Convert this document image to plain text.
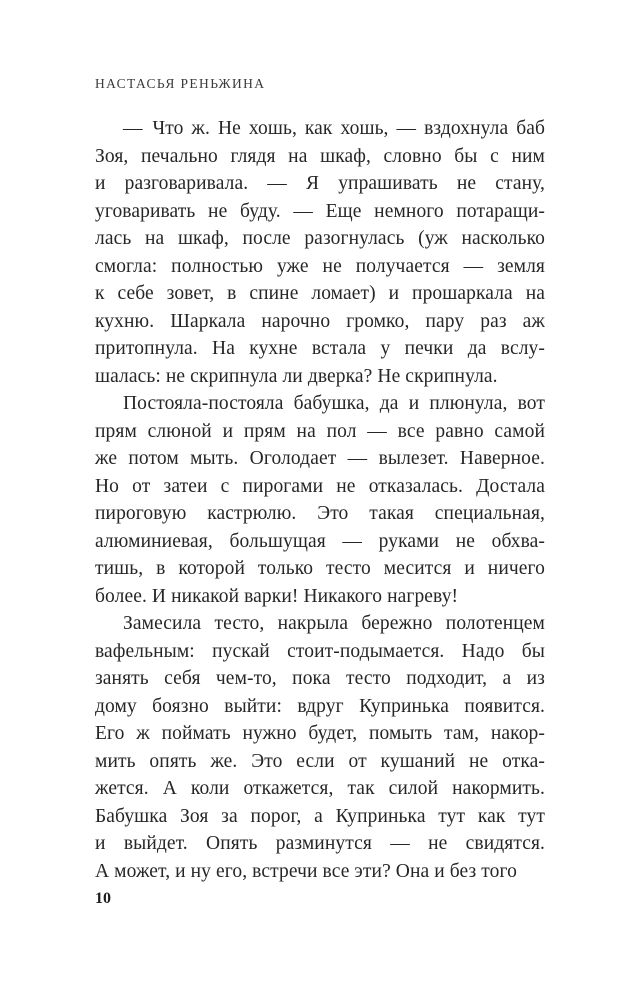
НАСТАСЬЯ РЕНЬЖИНА
— Что ж. Не хошь, как хошь, — вздохнула баб
Зоя, печально глядя на шкаф, словно бы с ним
и разговаривала. — Я упрашивать не стану,
уговаривать не буду. — Еще немного потаращи-
лась на шкаф, после разогнулась (уж насколько
смогла: полностью уже не получается — земля
к себе зовет, в спине ломает) и прошаркала на
кухню. Шаркала нарочно громко, пару раз аж
притопнула. На кухне встала у печки да вслу-
шалась: не скрипнула ли дверка? Не скрипнула.
Постояла-постояла бабушка, да и плюнула, вот
прям слюной и прям на пол — все равно самой
же потом мыть. Оголодает — вылезет. Наверное.
Но от затеи с пирогами не отказалась. Достала
пироговую кастрюлю. Это такая специальная,
алюминиевая, большущая — руками не обхва-
тишь, в которой только тесто месится и ничего
более. И никакой варки! Никакого нагреву!
Замесила тесто, накрыла бережно полотенцем
вафельным: пускай стоит-подымается. Надо бы
занять себя чем-то, пока тесто подходит, а из
дому боязно выйти: вдруг Купринька появится.
Его ж поймать нужно будет, помыть там, накор-
мить опять же. Это если от кушаний не отка-
жется. А коли откажется, так силой накормить.
Бабушка Зоя за порог, а Купринька тут как тут
и выйдет. Опять разминутся — не свидятся.
А может, и ну его, встречи все эти? Она и без того
10
